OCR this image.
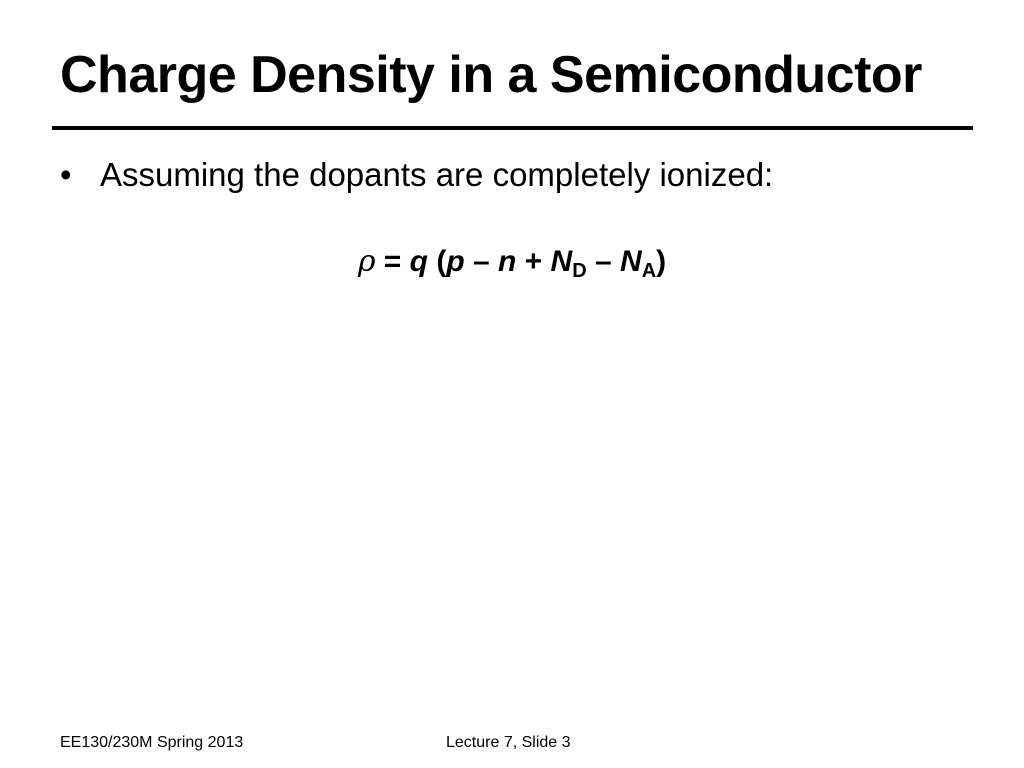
Charge Density in a Semiconductor
• Assuming the dopants are completely ionized:
ρ = q $(p - n + N_D - N_A)$
EE130/230M Spring 2013	Lecture 7, Slide 3
